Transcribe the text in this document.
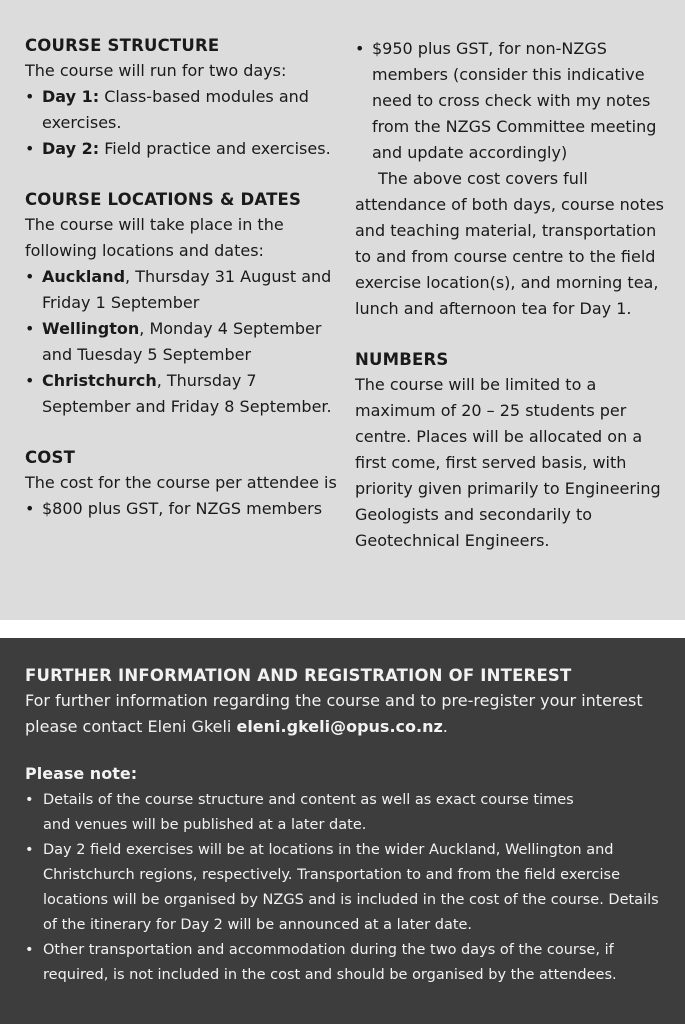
COURSE STRUCTURE

The course will run for two days:

• Day 1: Class-based modules and exercises.
• Day 2: Field practice and exercises.
COURSE LOCATIONS & DATES

The course will take place in the following locations and dates:

• Auckland, Thursday 31 August and Friday 1 September
• Wellington, Monday 4 September and Tuesday 5 September
• Christchurch, Thursday 7 September and Friday 8 September.
COST

The cost for the course per attendee is

• $800 plus GST, for NZGS members
• $950 plus GST, for non-NZGS members (consider this indicative need to cross check with my notes from the NZGS Committee meeting and update accordingly)

The above cost covers full attendance of both days, course notes and teaching material, transportation to and from course centre to the field exercise location(s), and morning tea, lunch and afternoon tea for Day 1.

NUMBERS

The course will be limited to a maximum of 20 – 25 students per centre. Places will be allocated on a first come, first served basis, with priority given primarily to Engineering Geologists and secondarily to Geotechnical Engineers.

FURTHER INFORMATION AND REGISTRATION OF INTEREST

For further information regarding the course and to pre-register your interest please contact Eleni Gkeli eleni.gkeli@opus.co.nz.

Please note:
• Details of the course structure and content as well as exact course times and venues will be published at a later date.
• Day 2 field exercises will be at locations in the wider Auckland, Wellington and Christchurch regions, respectively. Transportation to and from the field exercise locations will be organised by NZGS and is included in the cost of the course. Details of the itinerary for Day 2 will be announced at a later date.
• Other transportation and accommodation during the two days of the course, if required, is not included in the cost and should be organised by the attendees.
